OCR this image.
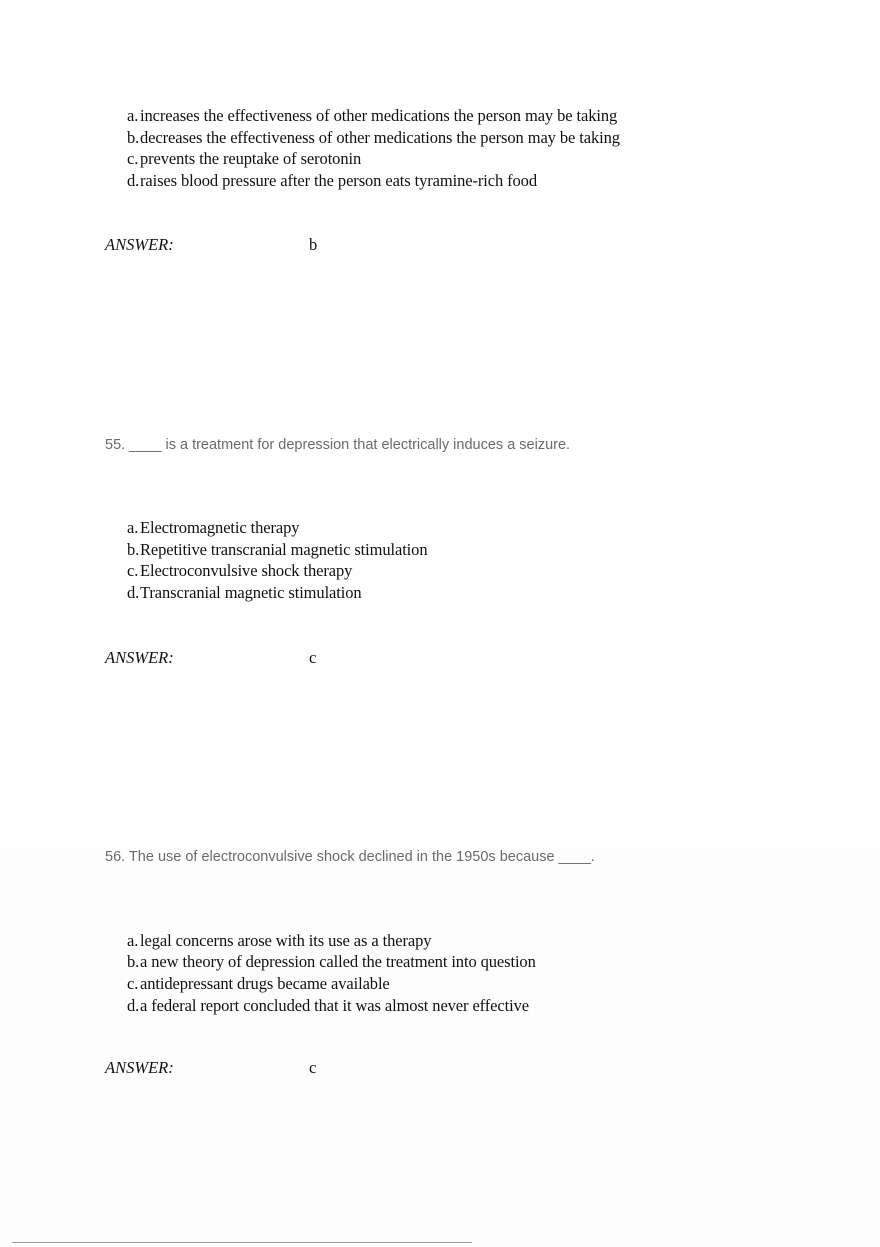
a. increases the effectiveness of other medications the person may be taking
b.decreases the effectiveness of other medications the person may be taking
c. prevents the reuptake of serotonin
d.raises blood pressure after the person eats tyramine-rich food
ANSWER:	b
55. ____ is a treatment for depression that electrically induces a seizure.
a. Electromagnetic therapy
b.Repetitive transcranial magnetic stimulation
c. Electroconvulsive shock therapy
d.Transcranial magnetic stimulation
ANSWER:	c
56. The use of electroconvulsive shock declined in the 1950s because ____.
a. legal concerns arose with its use as a therapy
b.a new theory of depression called the treatment into question
c. antidepressant drugs became available
d.a federal report concluded that it was almost never effective
ANSWER:	c
